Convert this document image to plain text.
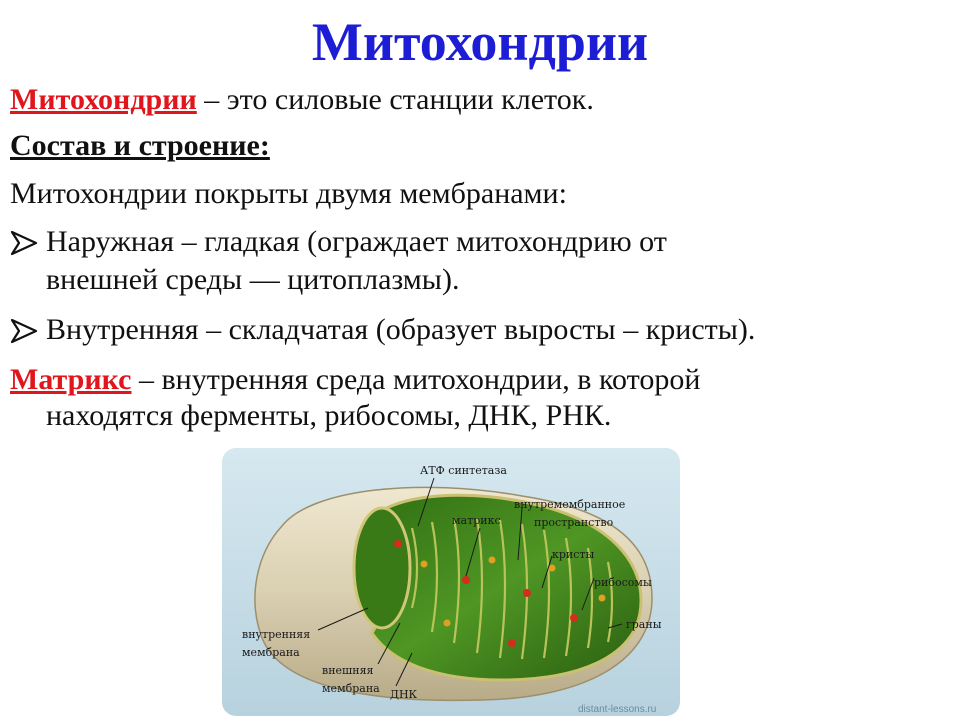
Митохондрии
Митохондрии – это силовые станции клеток.
Состав и строение:
Митохондрии покрыты двумя мембранами:
Наружная – гладкая (ограждает митохондрию от
внешней среды –– цитоплазмы).
Внутренняя – складчатая (образует выросты – кристы).
Матрикс – внутренняя среда митохондрии, в которой
находятся ферменты, рибосомы, ДНК, РНК.
АТФ синтетаза
матрикс
внутремембранное
пространство
кристы
рибосомы
граны
внутренняя
мембрана
внешняя
мембрана ДНК
distant-lessons.ru
